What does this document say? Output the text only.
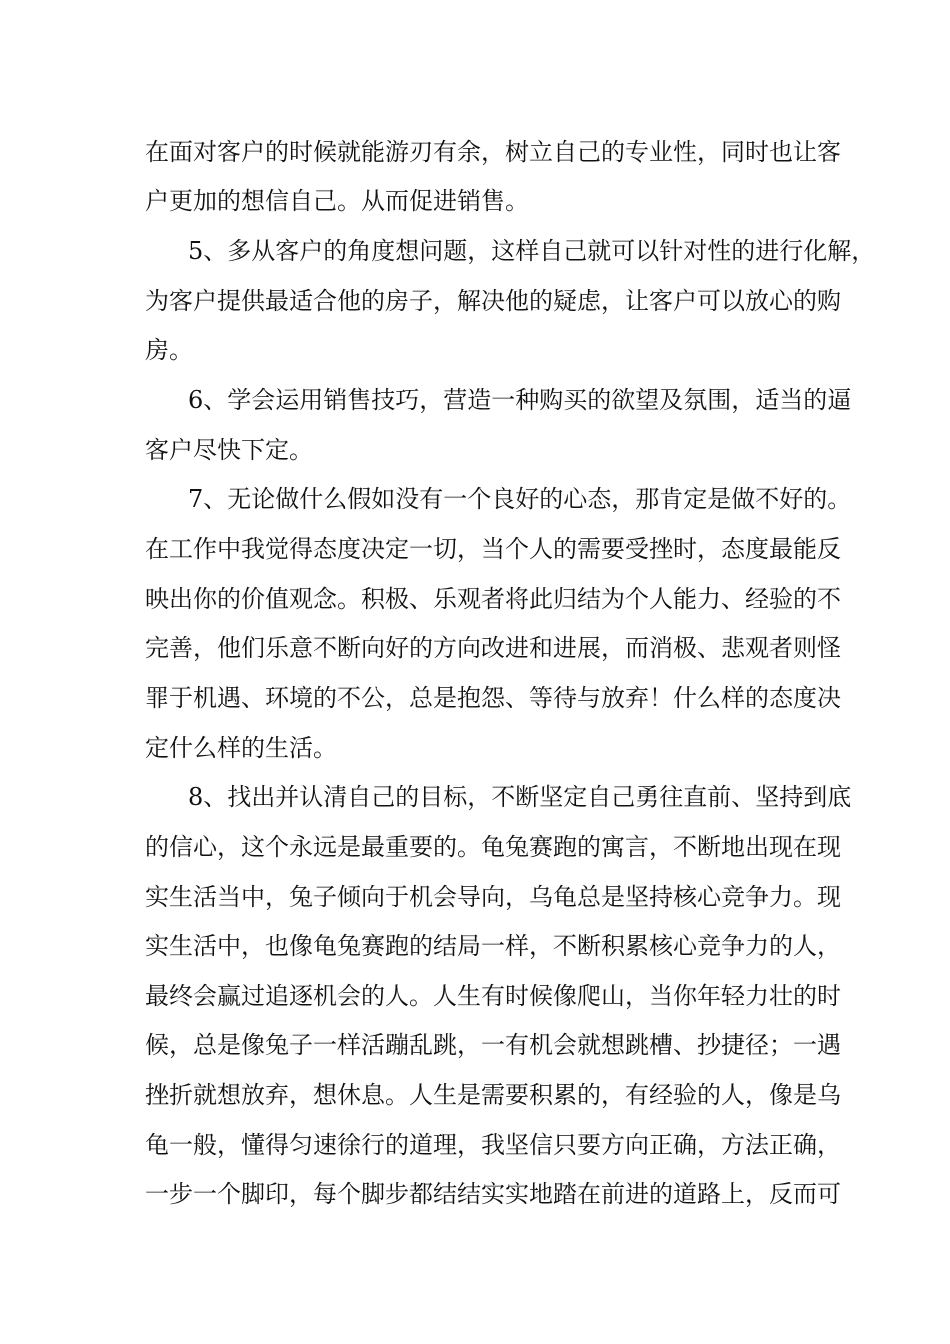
在面对客户的时候就能游刃有余，树立自己的专业性，同时也让客
户更加的想信自己。从而促进销售。
5、多从客户的角度想问题，这样自己就可以针对性的进行化解，
为客户提供最适合他的房子，解决他的疑虑，让客户可以放心的购
房。
6、学会运用销售技巧，营造一种购买的欲望及氛围，适当的逼
客户尽快下定。
7、无论做什么假如没有一个良好的心态，那肯定是做不好的。
在工作中我觉得态度决定一切，当个人的需要受挫时，态度最能反
映出你的价值观念。积极、乐观者将此归结为个人能力、经验的不
完善，他们乐意不断向好的方向改进和进展，而消极、悲观者则怪
罪于机遇、环境的不公，总是抱怨、等待与放弃！什么样的态度决
定什么样的生活。
8、找出并认清自己的目标，不断坚定自己勇往直前、坚持到底
的信心，这个永远是最重要的。龟兔赛跑的寓言，不断地出现在现
实生活当中，兔子倾向于机会导向，乌龟总是坚持核心竞争力。现
实生活中，也像龟兔赛跑的结局一样，不断积累核心竞争力的人，
最终会赢过追逐机会的人。人生有时候像爬山，当你年轻力壮的时
候，总是像兔子一样活蹦乱跳，一有机会就想跳槽、抄捷径；一遇
挫折就想放弃，想休息。人生是需要积累的，有经验的人，像是乌
龟一般，懂得匀速徐行的道理，我坚信只要方向正确，方法正确，
一步一个脚印，每个脚步都结结实实地踏在前进的道路上，反而可
